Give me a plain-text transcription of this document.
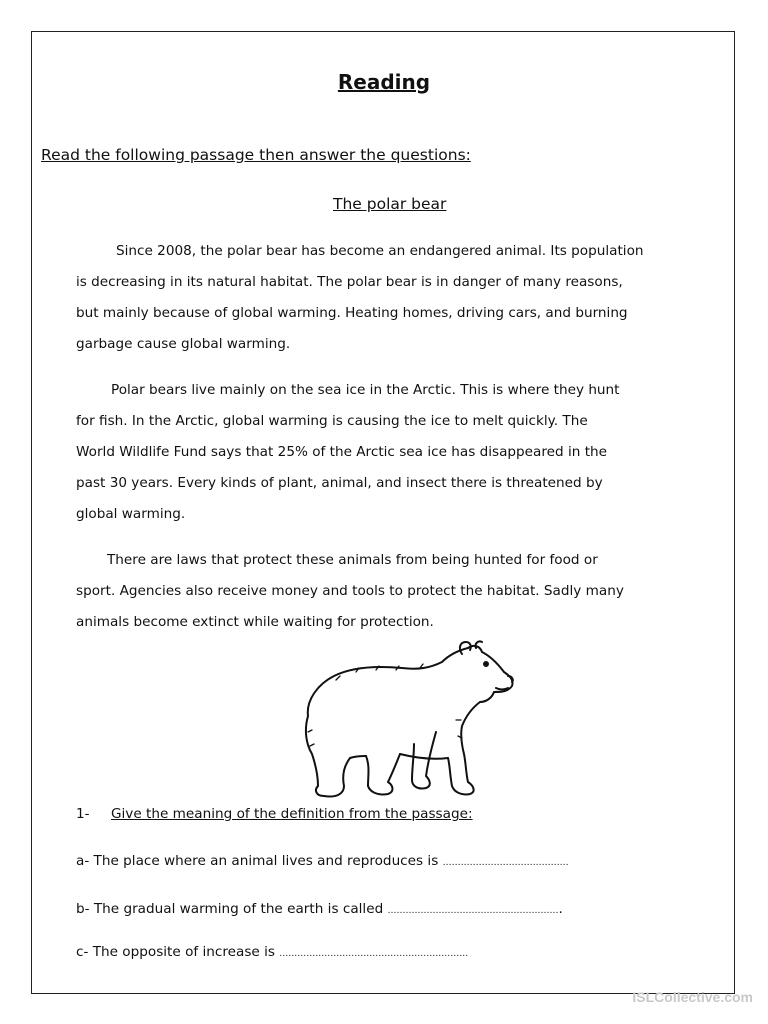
Reading
Read the following passage then answer the questions:
The polar bear
Since 2008, the polar bear has become an endangered animal. Its population
is decreasing in its natural habitat. The polar bear is in danger of many reasons,
but mainly because of global warming. Heating homes, driving cars, and burning
garbage cause global warming.
Polar bears live mainly on the sea ice in the Arctic. This is where they hunt
for fish. In the Arctic, global warming is causing the ice to melt quickly. The
World Wildlife Fund says that 25% of the Arctic sea ice has disappeared in the
past 30 years. Every kinds of plant, animal, and insect there is threatened by
global warming.
There are laws that protect these animals from being hunted for food or
sport. Agencies also receive money and tools to protect the habitat. Sadly many
animals become extinct while waiting for protection.
1- Give the meaning of the definition from the passage:
a- The place where an animal lives and reproduces is ……………………………………
b- The gradual warming of the earth is called ………………………………………………….
c- The opposite of increase is ………………………………………………………
ISLCollective.com
